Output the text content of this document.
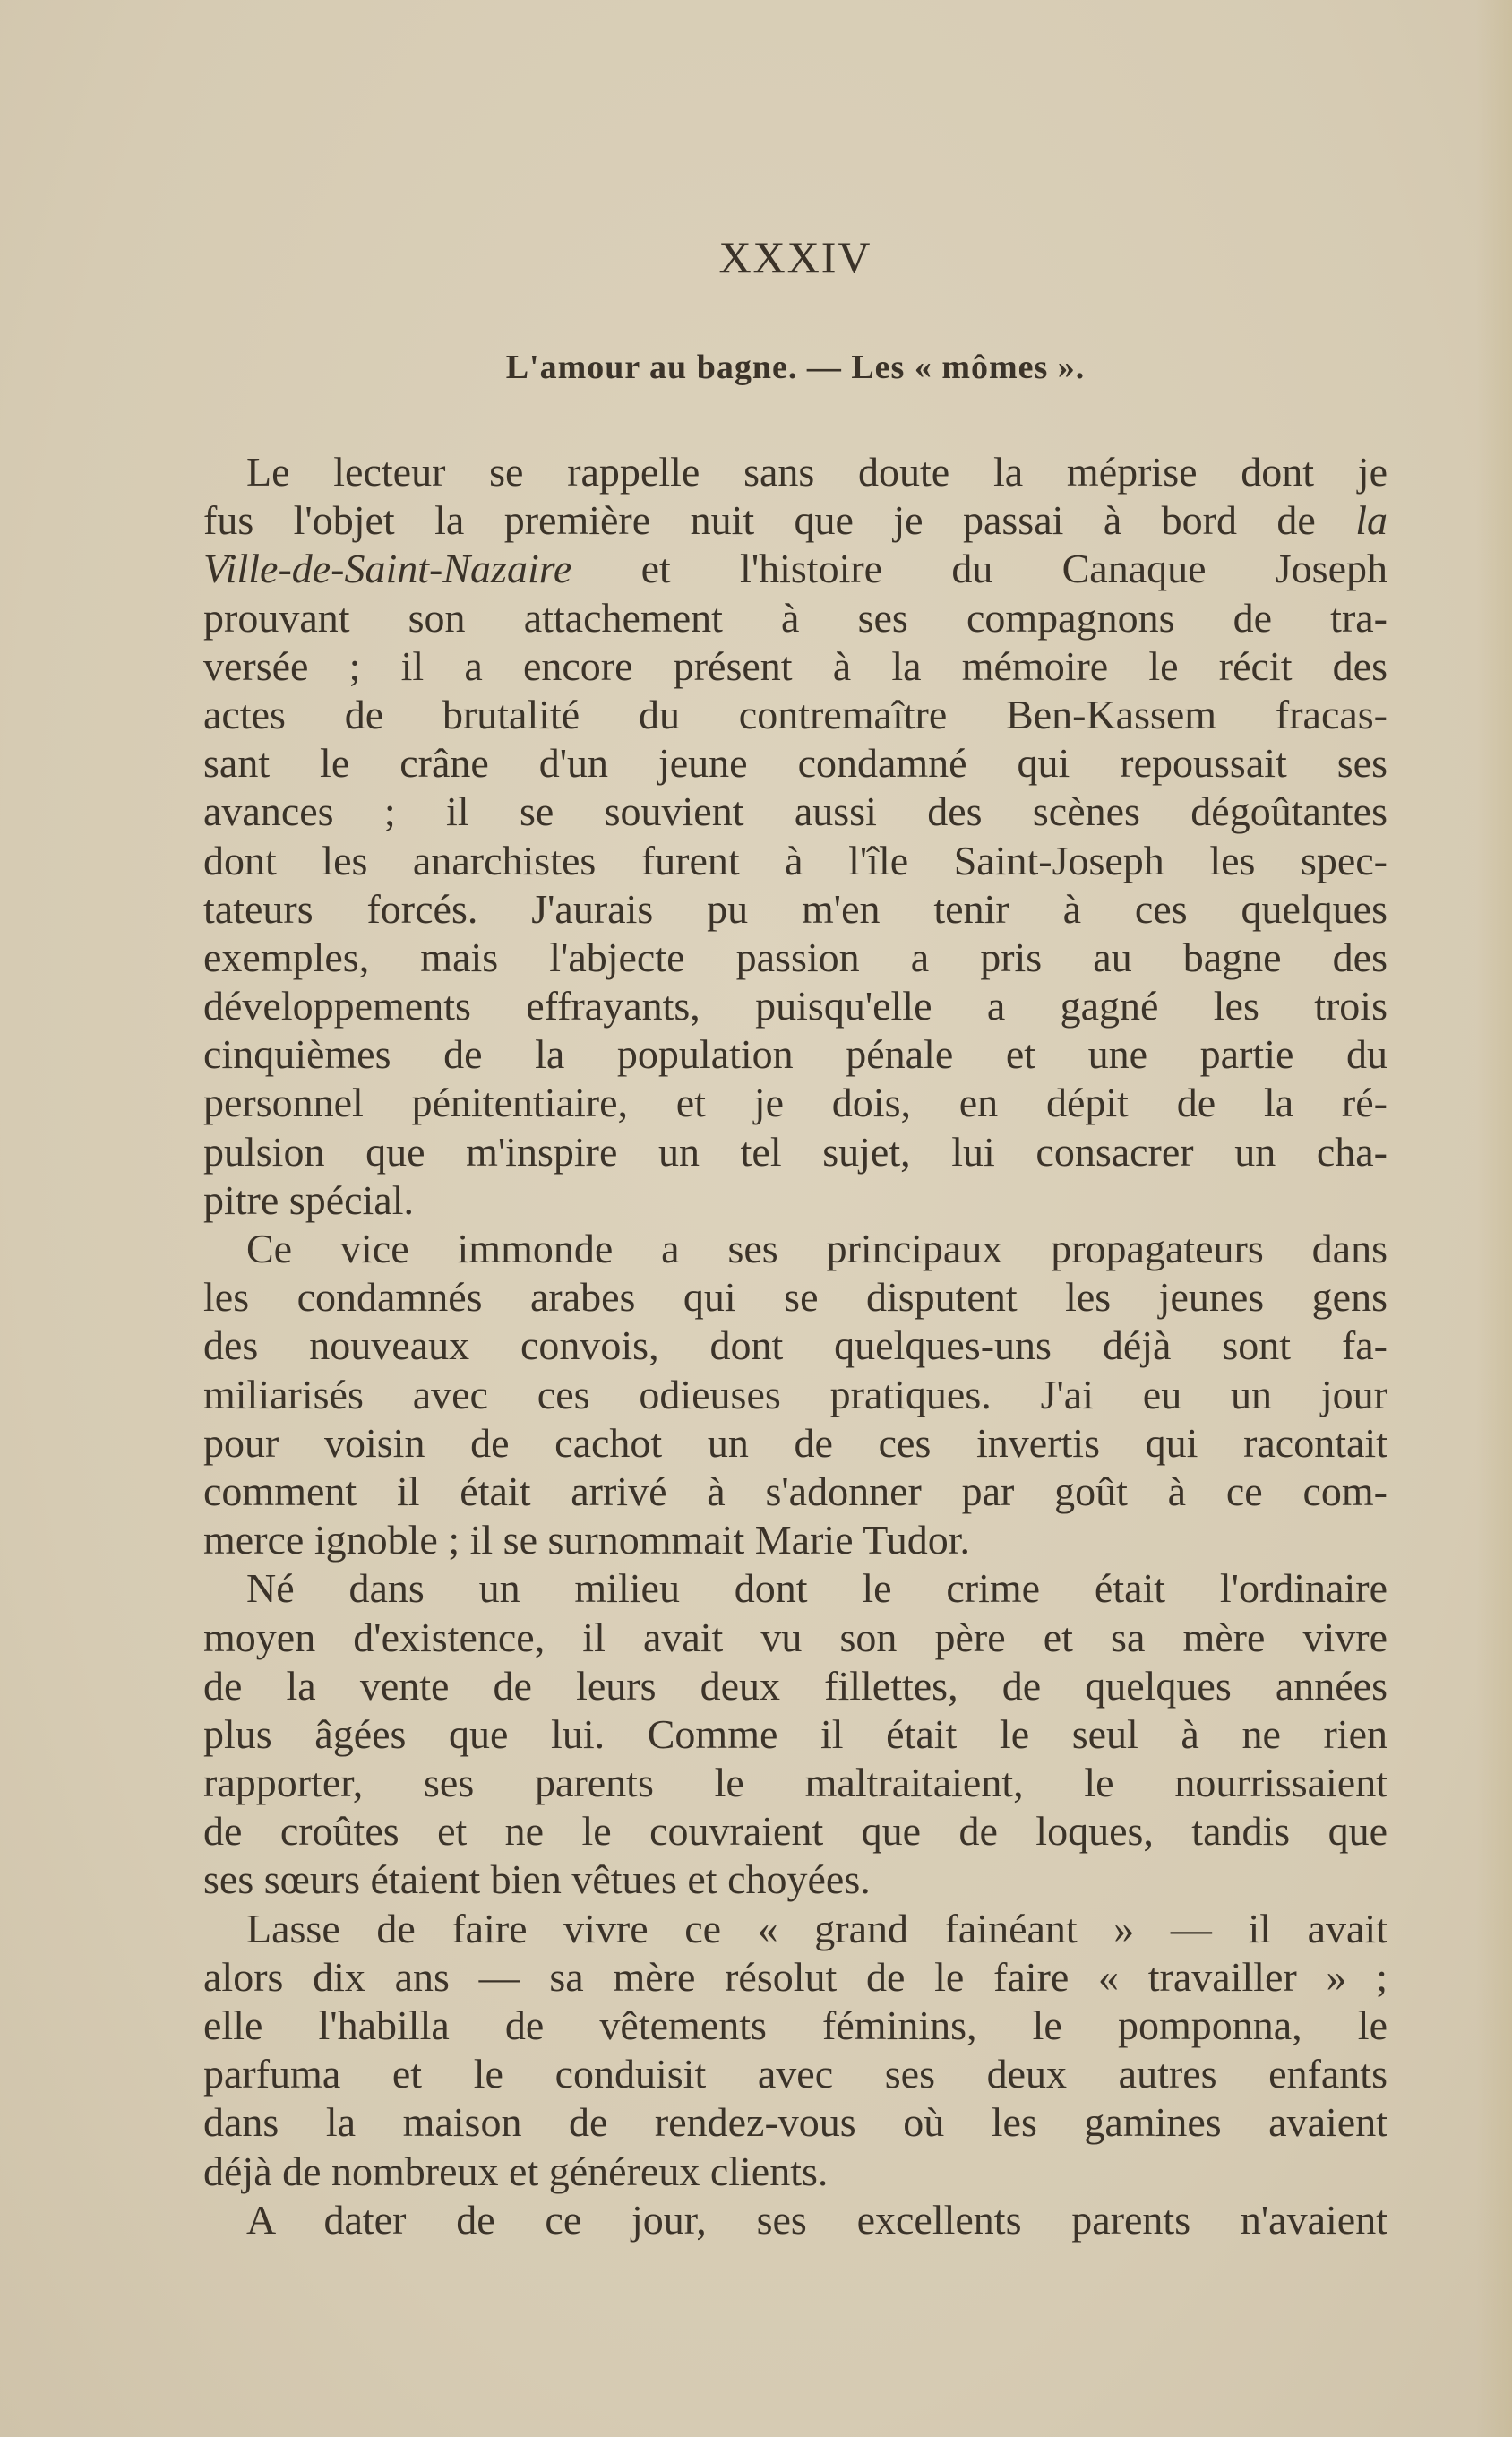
XXXIV
L'amour au bagne. — Les « mômes ».
Le lecteur se rappelle sans doute la méprise dont je
fus l'objet la première nuit que je passai à bord de la
Ville-de-Saint-Nazaire et l'histoire du Canaque Joseph
prouvant son attachement à ses compagnons de tra-
versée ; il a encore présent à la mémoire le récit des
actes de brutalité du contremaître Ben-Kassem fracas-
sant le crâne d'un jeune condamné qui repoussait ses
avances ; il se souvient aussi des scènes dégoûtantes
dont les anarchistes furent à l'île Saint-Joseph les spec-
tateurs forcés. J'aurais pu m'en tenir à ces quelques
exemples, mais l'abjecte passion a pris au bagne des
développements effrayants, puisqu'elle a gagné les trois
cinquièmes de la population pénale et une partie du
personnel pénitentiaire, et je dois, en dépit de la ré-
pulsion que m'inspire un tel sujet, lui consacrer un cha-
pitre spécial.
Ce vice immonde a ses principaux propagateurs dans
les condamnés arabes qui se disputent les jeunes gens
des nouveaux convois, dont quelques-uns déjà sont fa-
miliarisés avec ces odieuses pratiques. J'ai eu un jour
pour voisin de cachot un de ces invertis qui racontait
comment il était arrivé à s'adonner par goût à ce com-
merce ignoble ; il se surnommait Marie Tudor.
Né dans un milieu dont le crime était l'ordinaire
moyen d'existence, il avait vu son père et sa mère vivre
de la vente de leurs deux fillettes, de quelques années
plus âgées que lui. Comme il était le seul à ne rien
rapporter, ses parents le maltraitaient, le nourrissaient
de croûtes et ne le couvraient que de loques, tandis que
ses sœurs étaient bien vêtues et choyées.
Lasse de faire vivre ce « grand fainéant » — il avait
alors dix ans — sa mère résolut de le faire « travailler » ;
elle l'habilla de vêtements féminins, le pomponna, le
parfuma et le conduisit avec ses deux autres enfants
dans la maison de rendez-vous où les gamines avaient
déjà de nombreux et généreux clients.
A dater de ce jour, ses excellents parents n'avaient
